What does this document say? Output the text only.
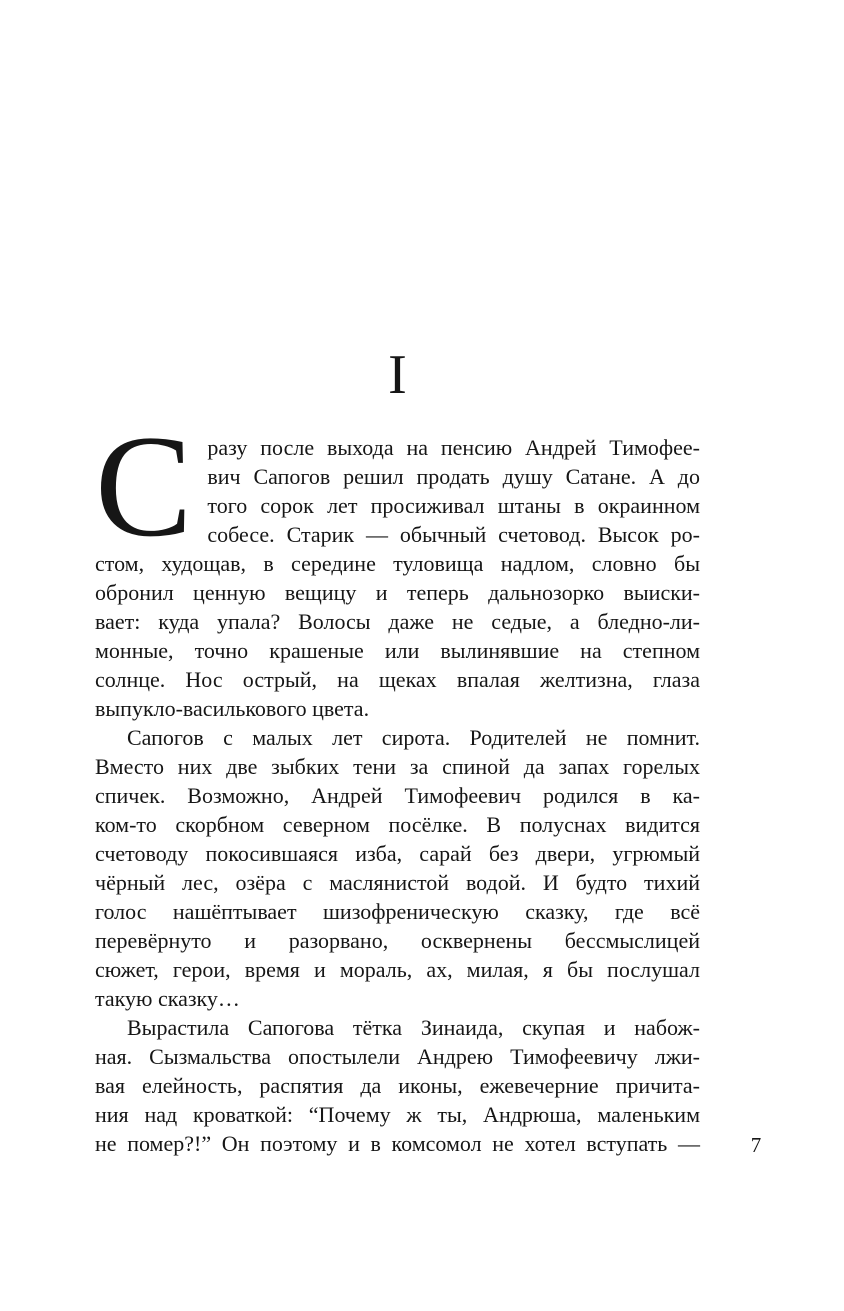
I
С разу после выхода на пенсию Андрей Тимофее-
вич Сапогов решил продать душу Сатане. А до
того сорок лет просиживал штаны в окраинном
собесе. Старик — обычный счетовод. Высок ро-
стом, худощав, в середине туловища надлом, словно бы
обронил ценную вещицу и теперь дальнозорко выиски-
вает: куда упала? Волосы даже не седые, а бледно-ли-
монные, точно крашеные или вылинявшие на степном
солнце. Нос острый, на щеках впалая желтизна, глаза
выпукло-василькового цвета.
Сапогов с малых лет сирота. Родителей не помнит.
Вместо них две зыбких тени за спиной да запах горелых
спичек. Возможно, Андрей Тимофеевич родился в ка-
ком-то скорбном северном посёлке. В полуснах видится
счетоводу покосившаяся изба, сарай без двери, угрюмый
чёрный лес, озёра с маслянистой водой. И будто тихий
голос нашёптывает шизофреническую сказку, где всё
перевёрнуто и разорвано, осквернены бессмыслицей
сюжет, герои, время и мораль, ах, милая, я бы послушал
такую сказку…
Вырастила Сапогова тётка Зинаида, скупая и набож-
ная. Сызмальства опостылели Андрею Тимофеевичу лжи-
вая елейность, распятия да иконы, ежевечерние причита-
ния над кроваткой: “Почему ж ты, Андрюша, маленьким
не помер?!” Он поэтому и в комсомол не хотел вступать —	7
